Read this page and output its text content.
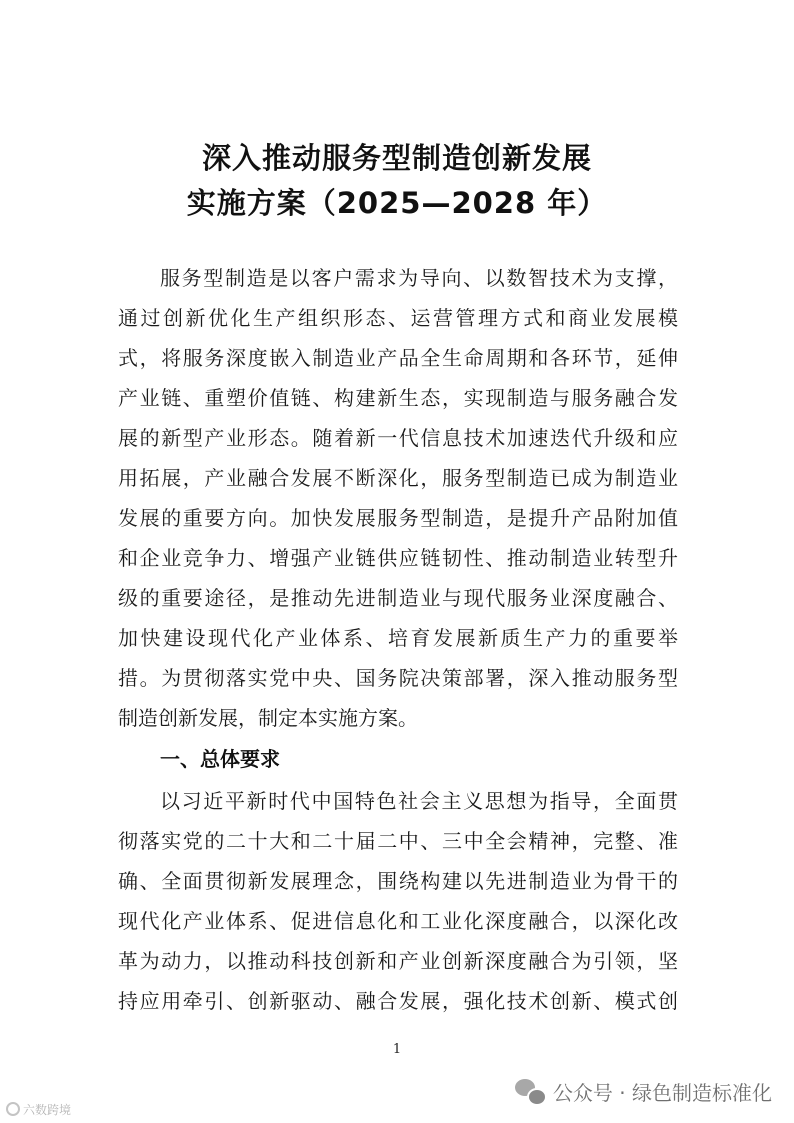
深入推动服务型制造创新发展
实施方案（2025—2028 年）
服务型制造是以客户需求为导向、以数智技术为支撑，
通过创新优化生产组织形态、运营管理方式和商业发展模
式，将服务深度嵌入制造业产品全生命周期和各环节，延伸
产业链、重塑价值链、构建新生态，实现制造与服务融合发
展的新型产业形态。随着新一代信息技术加速迭代升级和应
用拓展，产业融合发展不断深化，服务型制造已成为制造业
发展的重要方向。加快发展服务型制造，是提升产品附加值
和企业竞争力、增强产业链供应链韧性、推动制造业转型升
级的重要途径，是推动先进制造业与现代服务业深度融合、
加快建设现代化产业体系、培育发展新质生产力的重要举
措。为贯彻落实党中央、国务院决策部署，深入推动服务型
制造创新发展，制定本实施方案。
一、总体要求
以习近平新时代中国特色社会主义思想为指导，全面贯
彻落实党的二十大和二十届二中、三中全会精神，完整、准
确、全面贯彻新发展理念，围绕构建以先进制造业为骨干的
现代化产业体系、促进信息化和工业化深度融合，以深化改
革为动力，以推动科技创新和产业创新深度融合为引领，坚
持应用牵引、创新驱动、融合发展，强化技术创新、模式创
1
公众号 · 绿色制造标准化
六数跨境
